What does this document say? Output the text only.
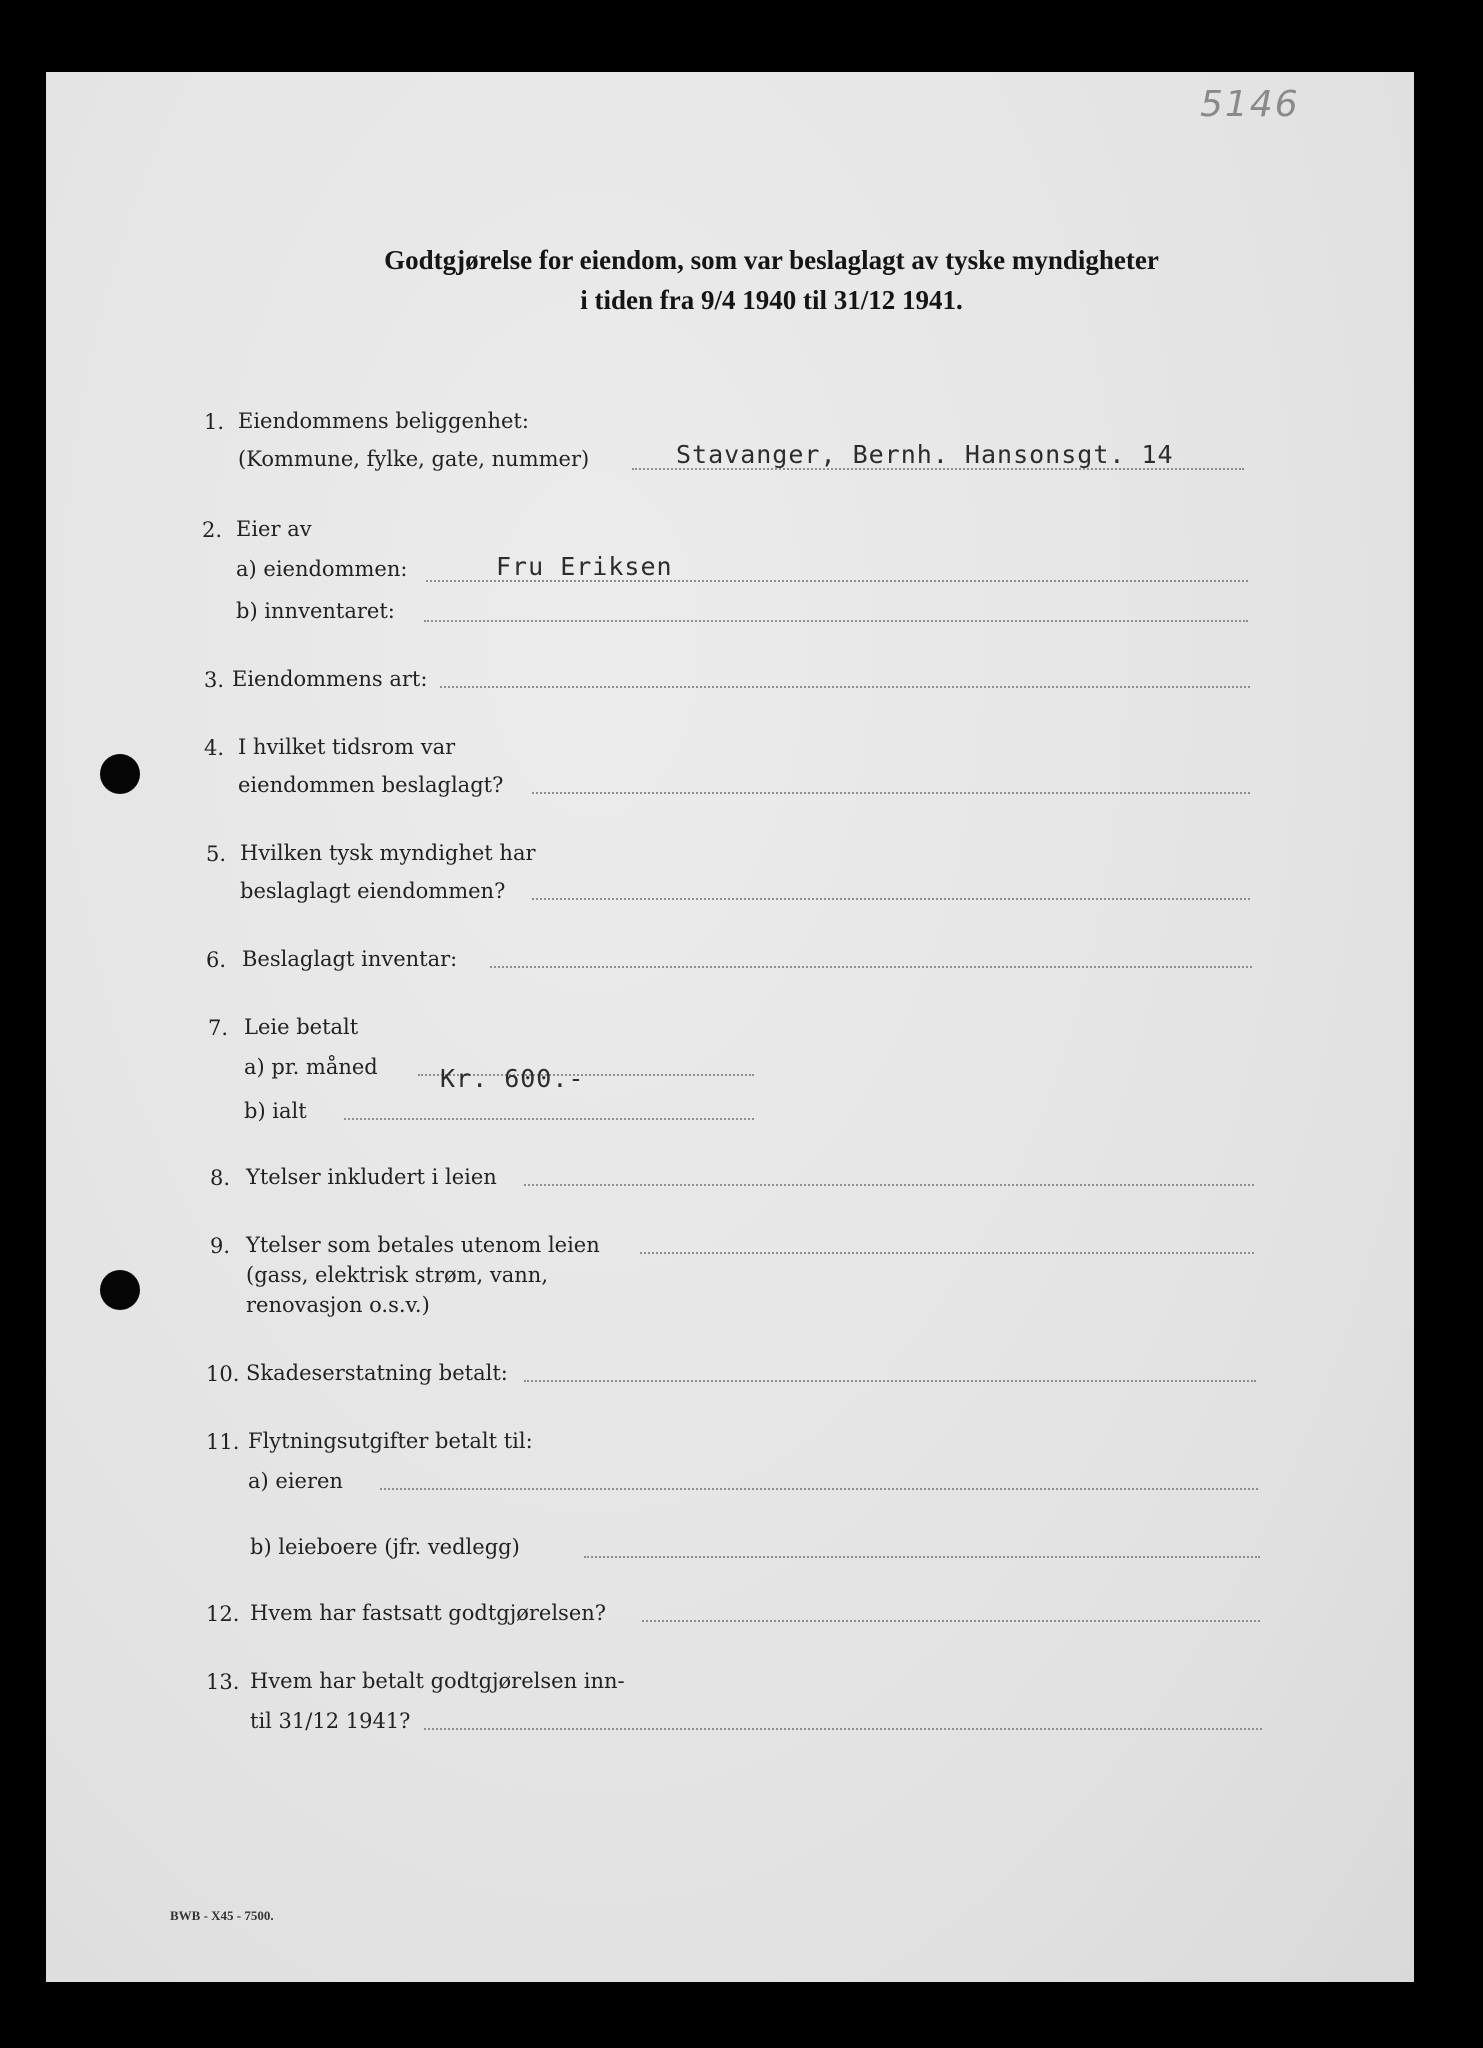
5146
Godtgjørelse for eiendom, som var beslaglagt av tyske myndigheter
i tiden fra 9/4 1940 til 31/12 1941.
1. Eiendommens beliggenhet:
(Kommune, fylke, gate, nummer)	Stavanger, Bernh. Hansonsgt. 14
2. Eier av
a) eiendommen:	Fru Eriksen
b) innventaret:
3. Eiendommens art:
4. I hvilket tidsrom var
eiendommen beslaglagt?
5. Hvilken tysk myndighet har
beslaglagt eiendommen?
6. Beslaglagt inventar:
7. Leie betalt
a) pr. måned Kr. 600.-
b) ialt
8. Ytelser inkludert i leien
9. Ytelser som betales utenom leien
(gass, elektrisk strøm, vann,
renovasjon o.s.v.)
10. Skadeserstatning betalt:
11. Flytningsutgifter betalt til:
a) eieren
b) leieboere (jfr. vedlegg)
12. Hvem har fastsatt godtgjørelsen?
13. Hvem har betalt godtgjørelsen inn-
til 31/12 1941?
BWB - X45 - 7500.
